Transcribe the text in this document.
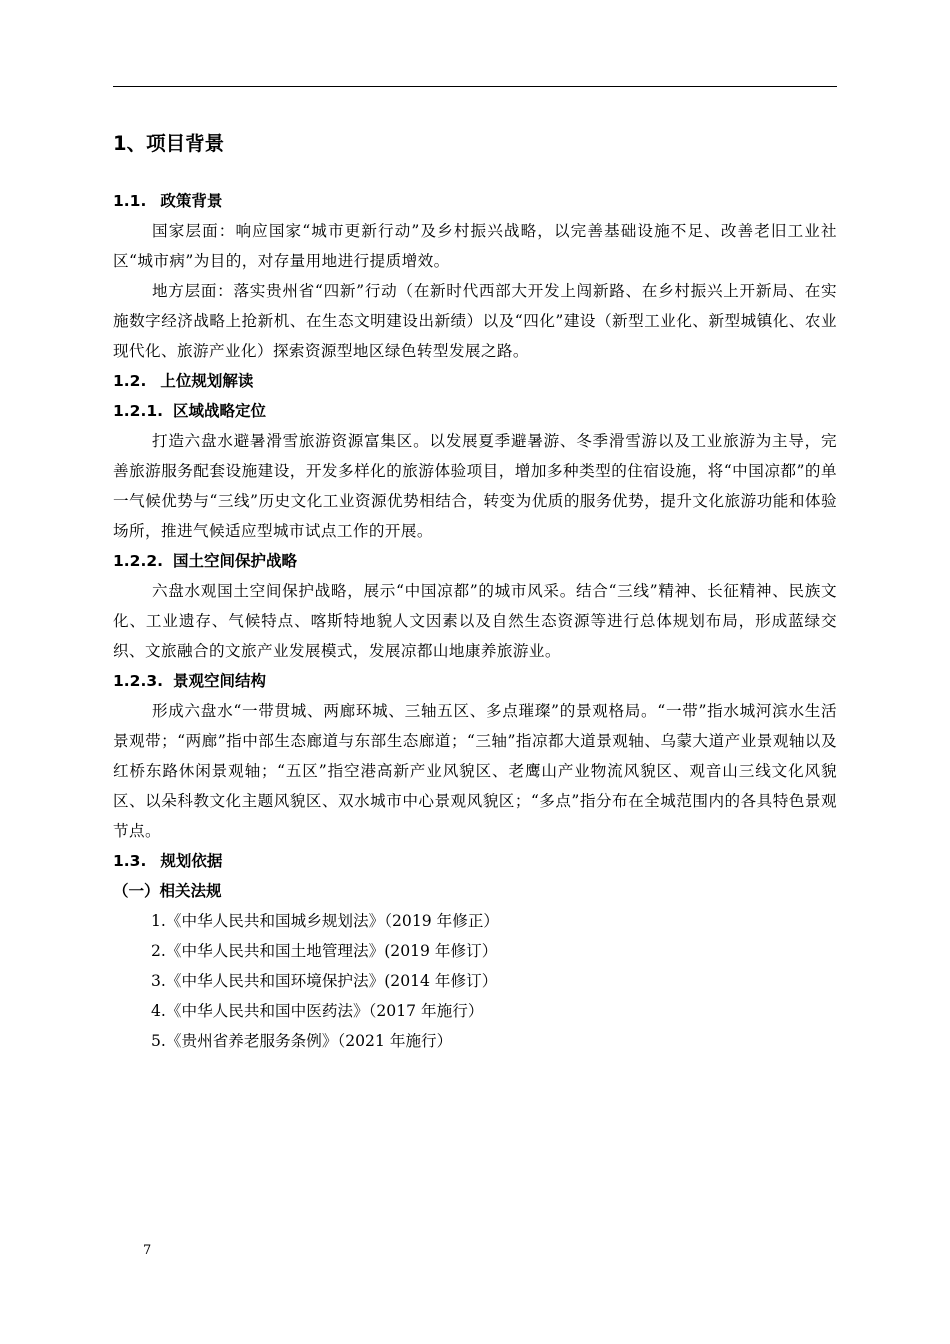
1、项目背景
1.1. 政策背景

国家层面：响应国家“城市更新行动”及乡村振兴战略，以完善基础设施不足、改善老旧工业社区“城市病”为目的，对存量用地进行提质增效。

地方层面：落实贵州省“四新”行动（在新时代西部大开发上闯新路、在乡村振兴上开新局、在实施数字经济战略上抢新机、在生态文明建设出新绩）以及“四化”建设（新型工业化、新型城镇化、农业现代化、旅游产业化）探索资源型地区绿色转型发展之路。

1.2. 上位规划解读
1.2.1. 区域战略定位

打造六盘水避暑滑雪旅游资源富集区。以发展夏季避暑游、冬季滑雪游以及工业旅游为主导，完善旅游服务配套设施建设，开发多样化的旅游体验项目，增加多种类型的住宿设施，将“中国凉都”的单一气候优势与“三线”历史文化工业资源优势相结合，转变为优质的服务优势，提升文化旅游功能和体验场所，推进气候适应型城市试点工作的开展。

1.2.2. 国土空间保护战略

六盘水观国土空间保护战略，展示“中国凉都”的城市风采。结合“三线”精神、长征精神、民族文化、工业遗存、气候特点、喀斯特地貌人文因素以及自然生态资源等进行总体规划布局，形成蓝绿交织、文旅融合的文旅产业发展模式，发展凉都山地康养旅游业。

1.2.3. 景观空间结构

形成六盘水“一带贯城、两廊环城、三轴五区、多点璀璨”的景观格局。“一带”指水城河滨水生活景观带；“两廊”指中部生态廊道与东部生态廊道；“三轴”指凉都大道景观轴、乌蒙大道产业景观轴以及红桥东路休闲景观轴；“五区”指空港高新产业风貌区、老鹰山产业物流风貌区、观音山三线文化风貌区、以朵科教文化主题风貌区、双水城市中心景观风貌区；“多点”指分布在全城范围内的各具特色景观节点。

1.3. 规划依据
（一）相关法规
1.《中华人民共和国城乡规划法》（2019 年修正）
2.《中华人民共和国土地管理法》(2019 年修订）
3.《中华人民共和国环境保护法》(2014 年修订）
4.《中华人民共和国中医药法》（2017 年施行）
5.《贵州省养老服务条例》（2021 年施行）
7
